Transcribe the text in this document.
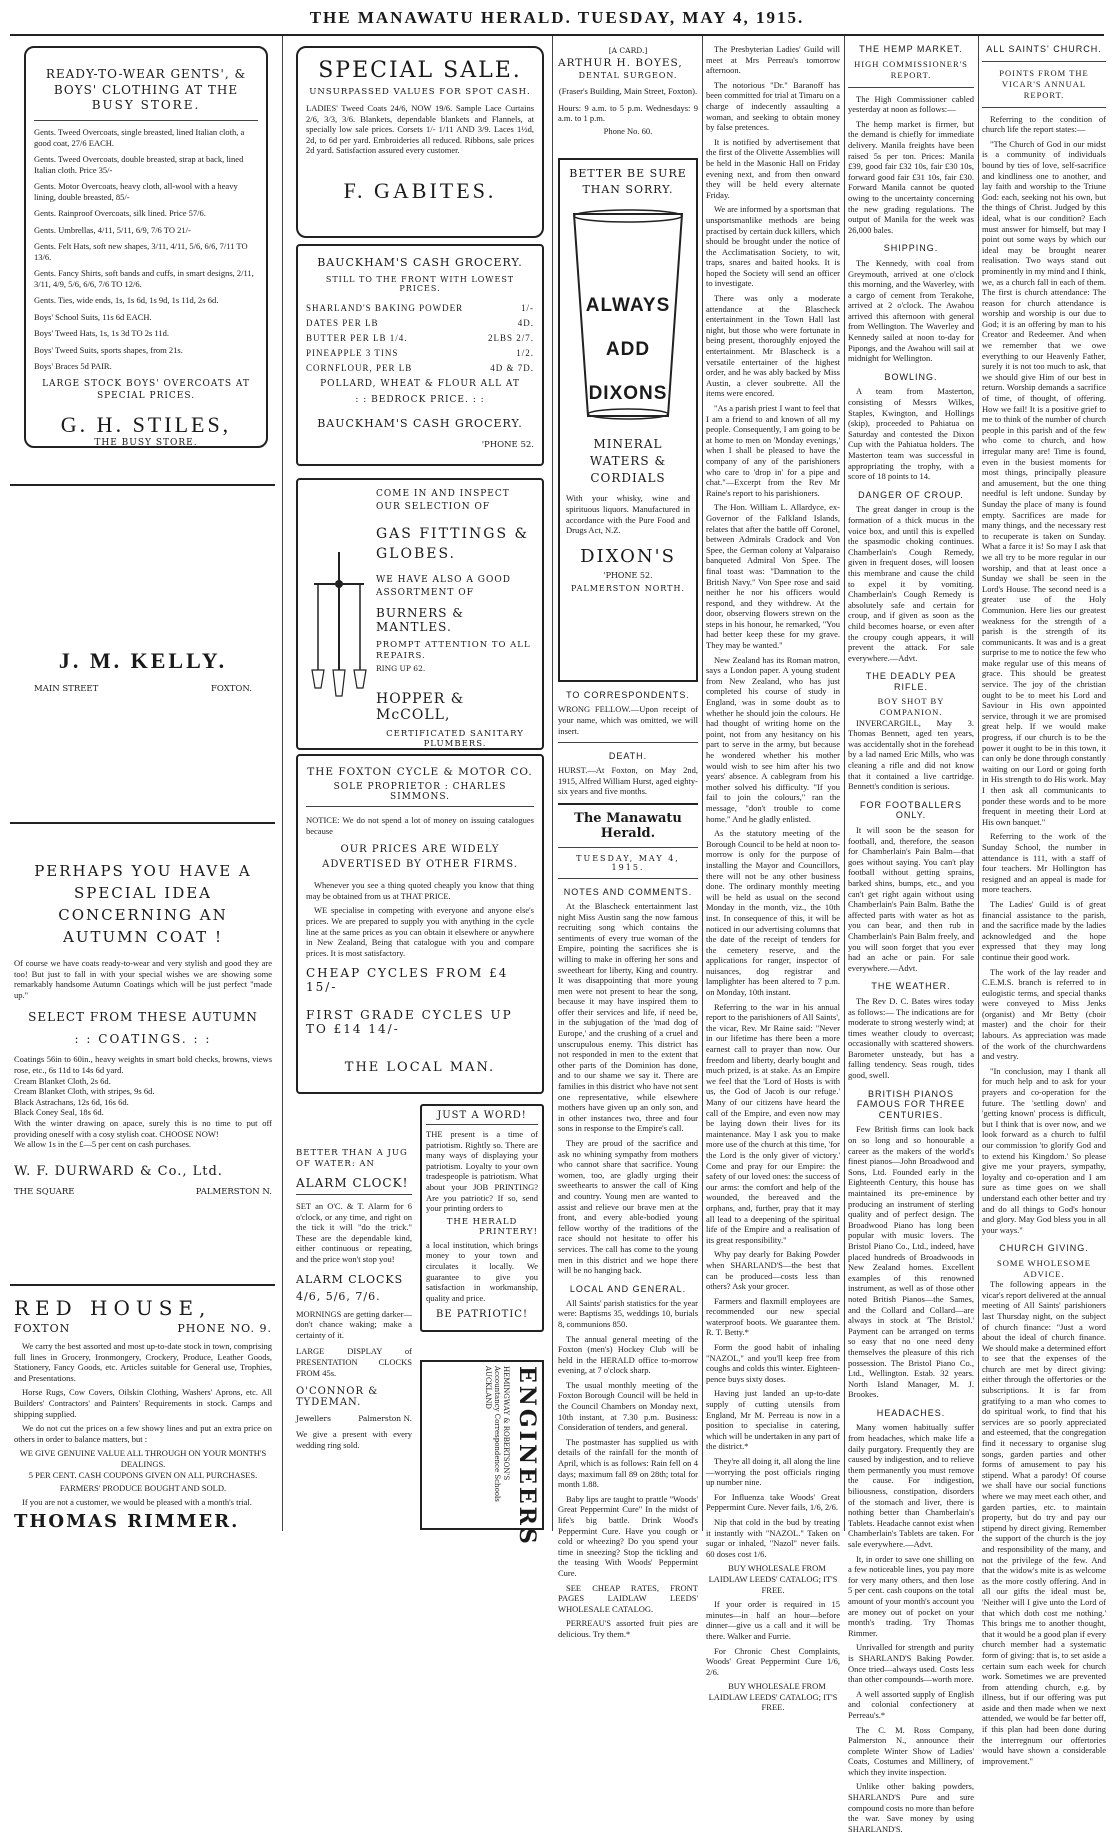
THE MANAWATU HERALD. TUESDAY, MAY 4, 1915.
READY-TO-WEAR GENTS', & BOYS' CLOTHING AT THE
BUSY STORE.
Gents. Tweed Overcoats, single breasted, lined Italian cloth, a good coat, 27/6 EACH.
Gents. Tweed Overcoats, double breasted, strap at back, lined Italian cloth. Price 35/-
Gents. Motor Overcoats, heavy cloth, all-wool with a heavy lining, double breasted, 85/-
Gents. Rainproof Overcoats, silk lined. Price 57/6.
Gents. Umbrellas, 4/11, 5/11, 6/9, 7/6 TO 21/-
Gents. Felt Hats, soft new shapes, 3/11, 4/11, 5/6, 6/6, 7/11 TO 13/6.
Gents. Fancy Shirts, soft bands and cuffs, in smart designs, 2/11, 3/11, 4/9, 5/6, 6/6, 7/6 TO 12/6.
Gents. Ties, wide ends, 1s, 1s 6d, 1s 9d, 1s 11d, 2s 6d.
Boys' School Suits, 11s 6d EACH.
Boys' Tweed Hats, 1s, 1s 3d TO 2s 11d.
Boys' Tweed Suits, sports shapes, from 21s.
Boys' Braces 5d PAIR.
LARGE STOCK BOYS' OVERCOATS AT SPECIAL PRICES.
G. H. STILES,
THE BUSY STORE.
J. M. KELLY.
MAIN STREET	FOXTON.
PERHAPS YOU HAVE A SPECIAL IDEA CONCERNING AN AUTUMN COAT !
Of course we have coats ready-to-wear and very stylish and good they are too! But just to fall in with your special wishes we are showing some remarkably handsome Autumn Coatings which will be just perfect "made up."
SELECT FROM THESE AUTUMN
: : COATINGS. : :
Coatings 56in to 60in., heavy weights in smart bold checks, browns, views rose, etc., 6s 11d to 14s 6d yard.
Cream Blanket Cloth, 2s 6d.
Cream Blanket Cloth, with stripes, 9s 6d.
Black Astrachans, 12s 6d, 16s 6d.
Black Coney Seal, 18s 6d.
With the winter drawing on apace, surely this is no time to put off providing oneself with a cosy stylish coat. CHOOSE NOW!
We allow 1s in the £—5 per cent on cash purchases.
W. F. DURWARD & Co., Ltd.
THE SQUARE	PALMERSTON N.
RED HOUSE,
FOXTON	PHONE NO. 9.

We carry the best assorted and most up-to-date stock in town, comprising full lines in Grocery, Ironmongery, Crockery, Produce, Leather Goods, Stationery, Fancy Goods, etc. Articles suitable for General use, Trophies, and Presentations.

Horse Rugs, Cow Covers, Oilskin Clothing, Washers' Aprons, etc. All Builders' Contractors' and Painters' Requirements in stock. Camps and shipping supplied.

We do not cut the prices on a few showy lines and put an extra price on others in order to balance matters, but :

WE GIVE GENUINE VALUE ALL THROUGH ON YOUR MONTH'S DEALINGS.
5 PER CENT. CASH COUPONS GIVEN ON ALL PURCHASES.
FARMERS' PRODUCE BOUGHT AND SOLD.

If you are not a customer, we would be pleased with a month's trial.

THOMAS RIMMER.
SPECIAL SALE.
UNSURPASSED VALUES FOR SPOT CASH.
LADIES' Tweed Coats 24/6, NOW 19/6. Sample Lace Curtains 2/6, 3/3, 3/6. Blankets, dependable blankets and Flannels, at specially low sale prices. Corsets 1/- 1/11 AND 3/9. Laces 1½d, 2d, to 6d per yard. Embroideries all reduced. Ribbons, sale prices 2d yard. Satisfaction assured every customer.
F. GABITES.
BAUCKHAM'S CASH GROCERY.
STILL TO THE FRONT WITH LOWEST PRICES.
SHARLAND'S BAKING POWDER	1/-
DATES PER LB	4D.
BUTTER PER LB 1/4.	2LBS 2/7.
PINEAPPLE 3 TINS	1/2.
CORNFLOUR, PER LB	4D & 7D.
POLLARD, WHEAT & FLOUR ALL AT
: : BEDROCK PRICE. : :
BAUCKHAM'S CASH GROCERY.
'PHONE 52.
COME IN AND INSPECT OUR SELECTION OF
GAS FITTINGS & GLOBES.
WE HAVE ALSO A GOOD ASSORTMENT OF
BURNERS & MANTLES.
PROMPT ATTENTION TO ALL REPAIRS.
RING UP 62.
HOPPER & McCOLL,
CERTIFICATED SANITARY PLUMBERS.
THE FOXTON CYCLE & MOTOR CO.
SOLE PROPRIETOR : CHARLES SIMMONS.
NOTICE: We do not spend a lot of money on issuing catalogues because
OUR PRICES ARE WIDELY ADVERTISED BY OTHER FIRMS.

Whenever you see a thing quoted cheaply you know that thing may be obtained from us at THAT PRICE.

WE specialise in competing with everyone and anyone else's prices. We are prepared to supply you with anything in the cycle line at the same prices as you can obtain it elsewhere or anywhere in New Zealand, Being that catalogue with you and compare prices. It is most satisfactory.

CHEAP CYCLES FROM £4 15/-
FIRST GRADE CYCLES UP TO £14 14/-
THE LOCAL MAN.
BETTER THAN A JUG OF WATER: AN
ALARM CLOCK!
SET an O'C. & T. Alarm for 6 o'clock, or any time, and right on the tick it will "do the trick." These are the dependable kind, either continuous or repeating, and the price won't stop you!
ALARM CLOCKS
4/6, 5/6, 7/6.
MORNINGS are getting darker—don't chance waking; make a certainty of it.
LARGE DISPLAY of PRESENTATION CLOCKS FROM 45s.
O'CONNOR & TYDEMAN.
Jewellers	Palmerston N.
We give a present with every wedding ring sold.
JUST A WORD!
THE present is a time of patriotism. Rightly so. There are many ways of displaying your patriotism. Loyalty to your own tradespeople is patriotism. What about your JOB PRINTING? Are you patriotic? If so, send your printing orders to
THE HERALD
PRINTERY!
a local institution, which brings money to your town and circulates it locally. We guarantee to give you satisfaction in workmanship, quality and price.
BE PATRIOTIC!
ENGINEERS
HEMINGWAY & ROBERTSON'S
Accountancy Correspondence Schools
AUCKLAND
[A CARD.]
ARTHUR H. BOYES,
DENTAL SURGEON.
(Fraser's Building, Main Street, Foxton).
Hours: 9 a.m. to 5 p.m. Wednesdays: 9 a.m. to 1 p.m.
Phone No. 60.
BETTER BE SURE THAN SORRY.
ALWAYS
ADD
DIXONS
MINERAL WATERS & CORDIALS
With your whisky, wine and spirituous liquors. Manufactured in accordance with the Pure Food and Drugs Act, N.Z.
DIXON'S
'PHONE 52.
PALMERSTON NORTH.
TO CORRESPONDENTS.
WRONG FELLOW.—Upon receipt of your name, which was omitted, we will insert.
DEATH.
HURST.—At Foxton, on May 2nd, 1915, Alfred William Hurst, aged eighty-six years and five months.
The Manawatu Herald.
TUESDAY, MAY 4, 1915.
NOTES AND COMMENTS.

At the Blascheck entertainment last night Miss Austin sang the now famous recruiting song which contains the sentiments of every true woman of the Empire, pointing the sacrifices she is willing to make in offering her sons and sweetheart for liberty, King and country. It was disappointing that more young men were not present to hear the song, because it may have inspired them to offer their services and life, if need be, in the subjugation of the 'mad dog of Europe,' and the crushing of a cruel and unscrupulous enemy. This district has not responded in men to the extent that other parts of the Dominion has done, and to our shame we say it. There are families in this district who have not sent one representative, while elsewhere mothers have given up an only son, and in other instances two, three and four sons in response to the Empire's call.

They are proud of the sacrifice and ask no whining sympathy from mothers who cannot share that sacrifice. Young women, too, are gladly urging their sweethearts to answer the call of King and country. Young men are wanted to assist and relieve our brave men at the front, and every able-bodied young fellow worthy of the traditions of the race should not hesitate to offer his services. The call has come to the young men in this district and we hope there will be no hanging back.

LOCAL AND GENERAL.

All Saints' parish statistics for the year were: Baptisms 35, weddings 10, burials 8, communions 850.

The annual general meeting of the Foxton (men's) Hockey Club will be held in the HERALD office to-morrow evening, at 7 o'clock sharp.

The usual monthly meeting of the Foxton Borough Council will be held in the Council Chambers on Monday next, 10th instant, at 7.30 p.m. Business: Consideration of tenders, and general.

The postmaster has supplied us with details of the rainfall for the month of April, which is as follows: Rain fell on 4 days; maximum fall 89 on 28th; total for month 1.88.

Baby lips are taught to prattle "Woods' Great Peppermint Cure" In the midst of life's big battle. Drink Wood's Peppermint Cure. Have you cough or cold or wheezing? Do you spend your time in sneezing? Stop the tickling and the teasing With Woods' Peppermint Cure.

SEE CHEAP RATES, FRONT PAGES LAIDLAW LEEDS' WHOLESALE CATALOG.

PERREAU'S assorted fruit pies are delicious. Try them.*

The Presbyterian Ladies' Guild will meet at Mrs Perreau's tomorrow afternoon.

The notorious "Dr." Baranoff has been committed for trial at Timaru on a charge of indecently assaulting a woman, and seeking to obtain money by false pretences.

It is notified by advertisement that the first of the Olivette Assemblies will be held in the Masonic Hall on Friday evening next, and from then onward they will be held every alternate Friday.

We are informed by a sportsman that unsportsmanlike methods are being practised by certain duck killers, which should be brought under the notice of the Acclimatisation Society, to wit, traps, snares and baited hooks. It is hoped the Society will send an officer to investigate.

There was only a moderate attendance at the Blascheck entertainment in the Town Hall last night, but those who were fortunate in being present, thoroughly enjoyed the entertainment. Mr Blascheck is a versatile entertainer of the highest order, and he was ably backed by Miss Austin, a clever soubrette. All the items were encored.

"As a parish priest I want to feel that I am a friend to and known of all my people. Consequently, I am going to be at home to men on 'Monday evenings,' when I shall be pleased to have the company of any of the parishioners who care to 'drop in' for a pipe and chat."—Excerpt from the Rev Mr Raine's report to his parishioners.

The Hon. William L. Allardyce, ex-Governor of the Falkland Islands, relates that after the battle off Coronel, between Admirals Cradock and Von Spee, the German colony at Valparaiso banqueted Admiral Von Spee. The final toast was: "Damnation to the British Navy." Von Spee rose and said neither he nor his officers would respond, and they withdrew. At the door, observing flowers strewn on the steps in his honour, he remarked, "You had better keep these for my grave. They may be wanted."

New Zealand has its Roman matron, says a London paper. A young student from New Zealand, who has just completed his course of study in England, was in some doubt as to whether he should join the colours. He had thought of writing home on the point, not from any hesitancy on his part to serve in the army, but because he wondered whether his mother would wish to see him after his two years' absence. A cablegram from his mother solved his difficulty. "If you fail to join the colours," ran the message, "don't trouble to come home." And he gladly enlisted.

As the statutory meeting of the Borough Council to be held at noon to-morrow is only for the purpose of installing the Mayor and Councillors, there will not be any other business done. The ordinary monthly meeting will be held as usual on the second Monday in the month, viz., the 10th inst. In consequence of this, it will be noticed in our advertising columns that the date of the receipt of tenders for the cemetery reserve, and the applications for ranger, inspector of nuisances, dog registrar and lamplighter has been altered to 7 p.m. on Monday, 10th instant.

Referring to the war in his annual report to the parishioners of All Saints', the vicar, Rev. Mr Raine said: "Never in our lifetime has there been a more earnest call to prayer than now. Our freedom and liberty, dearly bought and much prized, is at stake. As an Empire we feel that the 'Lord of Hosts is with us, the God of Jacob is our refuge.' Many of our citizens have heard the call of the Empire, and even now may be laying down their lives for its maintenance. May I ask you to make more use of the church at this time, 'for the Lord is the only giver of victory.' Come and pray for our Empire: the safety of our loved ones: the success of our arms: the comfort and help of the wounded, the bereaved and the orphans, and, further, pray that it may all lead to a deepening of the spiritual life of the Empire and a realisation of its great responsibility."

Why pay dearly for Baking Powder when SHARLAND'S—the best that can be produced—costs less than others? Ask your grocer.

Farmers and flaxmill employees are recommended our new special waterproof boots. We guarantee them. R. T. Betty.*

Form the good habit of inhaling "NAZOL," and you'll keep free from coughs and colds this winter. Eighteen-pence buys sixty doses.

Having just landed an up-to-date supply of cutting utensils from England, Mr M. Perreau is now in a position to specialise in catering, which will be undertaken in any part of the district.*

They're all doing it, all along the line—worrying the post officials ringing up number nine.

For Influenza take Woods' Great Peppermint Cure. Never fails, 1/6, 2/6.

Nip that cold in the bud by treating it instantly with "NAZOL." Taken on sugar or inhaled, "Nazol" never fails. 60 doses cost 1/6.

BUY WHOLESALE FROM LAIDLAW LEEDS' CATALOG; IT'S FREE.

If your order is required in 15 minutes—in half an hour—before dinner—give us a call and it will be there. Walker and Furrie.

For Chronic Chest Complaints, Woods' Great Peppermint Cure 1/6, 2/6.

BUY WHOLESALE FROM LAIDLAW LEEDS' CATALOG; IT'S FREE.

THE HEMP MARKET.
HIGH COMMISSIONER'S REPORT.

The High Commissioner cabled yesterday at noon as follows:—

The hemp market is firmer, but the demand is chiefly for immediate delivery. Manila freights have been raised 5s per ton. Prices: Manila £39, good fair £32 10s, fair £30 10s, forward good fair £31 10s, fair £30. Forward Manila cannot be quoted owing to the uncertainty concerning the new grading regulations. The output of Manila for the week was 26,000 bales.

SHIPPING.

The Kennedy, with coal from Greymouth, arrived at one o'clock this morning, and the Waverley, with a cargo of cement from Terakohe, arrived at 2 o'clock. The Awahou arrived this afternoon with general from Wellington. The Waverley and Kennedy sailed at noon to-day for Pipongs, and the Awahou will sail at midnight for Wellington.

BOWLING.

A team from Masterton, consisting of Messrs Wilkes, Staples, Kwington, and Hollings (skip), proceeded to Pahiatua on Saturday and contested the Dixon Cup with the Pahiatua holders. The Masterton team was successful in appropriating the trophy, with a score of 18 points to 14.

DANGER OF CROUP.

The great danger in croup is the formation of a thick mucus in the voice box, and until this is expelled the spasmodic choking continues. Chamberlain's Cough Remedy, given in frequent doses, will loosen this membrane and cause the child to expel it by vomiting. Chamberlain's Cough Remedy is absolutely safe and certain for croup, and if given as soon as the child becomes hoarse, or even after the croupy cough appears, it will prevent the attack. For sale everywhere.—Advt.

THE DEADLY PEA RIFLE.
BOY SHOT BY COMPANION.

INVERCARGILL, May 3. Thomas Bennett, aged ten years, was accidentally shot in the forehead by a lad named Eric Mills, who was cleaning a rifle and did not know that it contained a live cartridge. Bennett's condition is serious.

FOR FOOTBALLERS ONLY.

It will soon be the season for football, and, therefore, the season for Chamberlain's Pain Balm—that goes without saying. You can't play football without getting sprains, barked shins, bumps, etc., and you can't get right again without using Chamberlain's Pain Balm. Bathe the affected parts with water as hot as you can bear, and then rub in Chamberlain's Pain Balm freely, and you will soon forget that you ever had an ache or pain. For sale everywhere.—Advt.

THE WEATHER.

The Rev D. C. Bates wires today as follows:— The indications are for moderate to strong westerly wind; at times weather cloudy to overcast; occasionally with scattered showers. Barometer unsteady, but has a falling tendency. Seas rough, tides good, swell.

BRITISH PIANOS FAMOUS FOR THREE CENTURIES.

Few British firms can look back on so long and so honourable a career as the makers of the world's finest pianos—John Broadwood and Sons, Ltd. Founded early in the Eighteenth Century, this house has maintained its pre-eminence by producing an instrument of sterling quality and of perfect design. The Broadwood Piano has long been popular with music lovers. The Bristol Piano Co., Ltd., indeed, have placed hundreds of Broadwoods in New Zealand homes. Excellent examples of this renowned instrument, as well as of those other noted British Pianos—the Sames, and the Collard and Collard—are always in stock at 'The Bristol.' Payment can be arranged on terms so easy that no one need deny themselves the pleasure of this rich possession. The Bristol Piano Co., Ltd., Wellington. Estab. 32 years. North Island Manager, M. J. Brookes.

HEADACHES.

Many women habitually suffer from headaches, which make life a daily purgatory. Frequently they are caused by indigestion, and to relieve them permanently you must remove the cause. For indigestion, biliousness, constipation, disorders of the stomach and liver, there is nothing better than Chamberlain's Tablets. Headache cannot exist when Chamberlain's Tablets are taken. For sale everywhere.—Advt.

It, in order to save one shilling on a few noticeable lines, you pay more for very many others, and then lose 5 per cent. cash coupons on the total amount of your month's account you are money out of pocket on your month's trading. Try Thomas Rimmer.

Unrivalled for strength and purity is SHARLAND'S Baking Powder. Once tried—always used. Costs less than other compounds—worth more.

A well assorted supply of English and colonial confectionery at Perreau's.*

The C. M. Ross Company, Palmerston N., announce their complete Winter Show of Ladies' Coats, Costumes and Millinery, of which they invite inspection.

Unlike other baking powders, SHARLAND'S Pure and sure compound costs no more than before the war. Save money by using SHARLAND'S.

ALL SAINTS' CHURCH.
POINTS FROM THE VICAR'S ANNUAL REPORT.

Referring to the condition of church life the report states:—

"The Church of God in our midst is a community of individuals bound by ties of love, self-sacrifice and kindliness one to another, and lay faith and worship to the Triune God: each, seeking not his own, but the things of Christ. Judged by this ideal, what is our condition? Each must answer for himself, but may I point out some ways by which our ideal may be brought nearer realisation. Two ways stand out prominently in my mind and I think, we, as a church fall in each of them. The first is church attendance: The reason for church attendance is worship and worship is our due to God; it is an offering by man to his Creator and Redeemer. And when we remember that we owe everything to our Heavenly Father, surely it is not too much to ask, that we should give Him of our best in return. Worship demands a sacrifice of time, of thought, of offering. How we fail! It is a positive grief to me to think of the number of church people in this parish and of the few who come to church, and how irregular many are! Time is found, even in the busiest moments for most things, principally pleasure and amusement, but the one thing needful is left undone. Sunday by Sunday the place of many is found empty. Sacrifices are made for many things, and the necessary rest to recuperate is taken on Sunday. What a farce it is! So may I ask that we all try to be more regular in our worship, and that at least once a Sunday we shall be seen in the Lord's House. The second need is a greater use of the Holy Communion. Here lies our greatest weakness for the strength of a parish is the strength of its communicants. It was and is a great surprise to me to notice the few who make regular use of this means of grace. This should be greatest service. The joy of the christian ought to be to meet his Lord and Saviour in His own appointed service, through it we are promised great help. If we would make progress, if our church is to be the power it ought to be in this town, it can only be done through constantly waiting on our Lord or going forth in His strength to do His work. May I then ask all communicants to ponder these words and to be more frequent in meeting their Lord at His own banquet."

Referring to the work of the Sunday School, the number in attendance is 111, with a staff of four teachers. Mr Hollington has resigned and an appeal is made for more teachers.

The Ladies' Guild is of great financial assistance to the parish, and the sacrifice made by the ladies acknowledged and the hope expressed that they may long continue their good work.

The work of the lay reader and C.E.M.S. branch is referred to in eulogistic terms, and special thanks were conveyed to Miss Jenks (organist) and Mr Betty (choir master) and the choir for their labours. As appreciation was made of the work of the churchwardens and vestry.

"In conclusion, may I thank all for much help and to ask for your prayers and co-operation for the future. The 'settling down' and 'getting known' process is difficult, but I think that is over now, and we look forward as a church to fulfil our commission 'to glorify God and to extend his Kingdom.' So please give me your prayers, sympathy, loyalty and co-operation and I am sure as time goes on we shall understand each other better and try and do all things to God's honour and glory. May God bless you in all your ways."

CHURCH GIVING.
SOME WHOLESOME ADVICE.

The following appears in the vicar's report delivered at the annual meeting of All Saints' parishioners last Thursday night, on the subject of church finance: "Just a word about the ideal of church finance. We should make a determined effort to see that the expenses of the church are met by direct giving: either through the offertories or the subscriptions. It is far from gratifying to a man who comes to do spiritual work, to find that his services are so poorly appreciated and esteemed, that the congregation find it necessary to organise slug songs, garden parties and other forms of amusement to pay his stipend. What a parody! Of course we shall have our social functions where we may meet each other, and garden parties, etc. to maintain property, but do try and pay our stipend by direct giving. Remember the support of the church is the joy and responsibility of the many, and not the privilege of the few. And that the widow's mite is as welcome as the more costly offering. And in all our gifts the ideal must be, 'Neither will I give unto the Lord of that which doth cost me nothing.' This brings me to another thought, that it would be a good plan if every church member had a systematic form of giving: that is, to set aside a certain sum each week for church work. Sometimes we are prevented from attending church, e.g. by illness, but if our offering was put aside and then made when we next attended, we would be far better off, if this plan had been done during the interregnum our offertories would have shown a considerable improvement."
